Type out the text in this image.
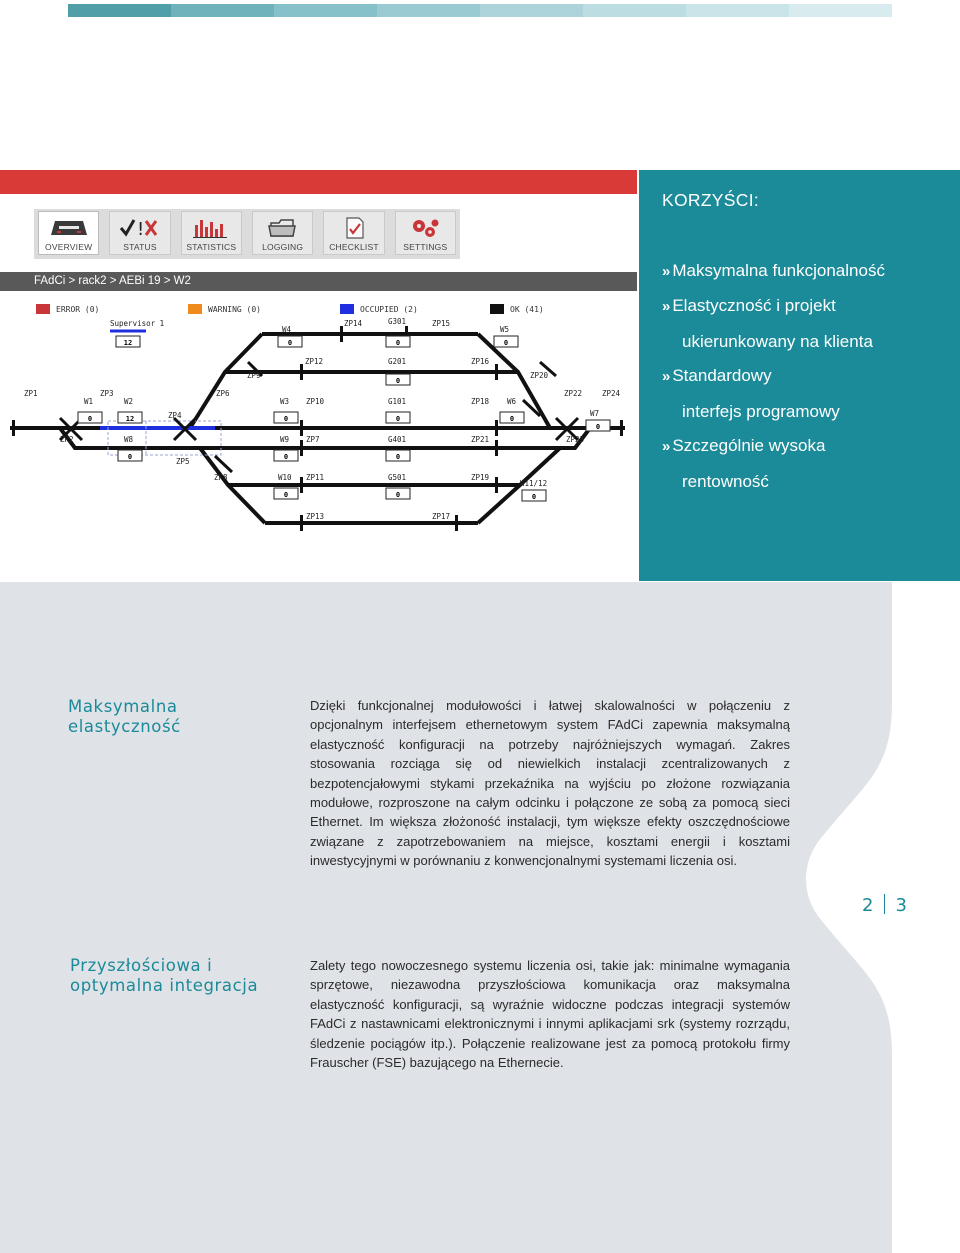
OVERVIEW
!
STATUS	STATISTICS	LOGGING	CHECKLIST	SETTINGS
FAdCi > rack2 > AEBi 19 > W2
ERROR (0)	WARNING (0)	OCCUPIED (2)	OK (41)
W4
ZP14	G301	ZP15
W5
ZP9
ZP12	G201	ZP16
ZP20
ZP1	ZP3	ZP6	ZP22	ZP24
W1	W2
ZP4
W3 ZP10	G101	ZP18 W6
W7
ZP2	W8	W9 ZP7	G401	ZP21	ZP23
ZP5
ZP8	W10 ZP11	G501	ZP19
W11/12
ZP13	ZP17
Supervisor 1
12	0	0	0
0
0	12	0	0	0
0
0	0	0
0	0	0
KORZYŚCI:
» Maksymalna funkcjonalność
» Elastyczność i projekt
ukierunkowany na klienta
» Standardowy
interfejs programowy
» Szczególnie wysoka
rentowność
Maksymalna
elastyczność

Dzięki funkcjonalnej modułowości i łatwej skalowalności w połączeniu z opcjonalnym interfejsem ethernetowym system FAdCi zapewnia maksymalną elastyczność konfiguracji na potrzeby najróżniejszych wymagań. Zakres stosowania rozciąga się od niewielkich instalacji zcentralizowanych z bezpotencjałowymi stykami przekaźnika na wyjściu po złożone rozwiązania modułowe, rozproszone na całym odcinku i połączone ze sobą za pomocą sieci Ethernet. Im większa złożoność instalacji, tym większe efekty oszczędnościowe związane z zapotrzebowaniem na miejsce, kosztami energii i kosztami inwestycyjnymi w porównaniu z konwencjonalnymi systemami liczenia osi.

Przyszłościowa i
optymalna integracja

Zalety tego nowoczesnego systemu liczenia osi, takie jak: minimalne wymagania sprzętowe, niezawodna przyszłościowa komunikacja oraz maksymalna elastyczność konfiguracji, są wyraźnie widoczne podczas integracji systemów FAdCi z nastawnicami elektronicznymi i innymi aplikacjami srk (systemy rozrządu, śledzenie pociągów itp.). Połączenie realizowane jest za pomocą protokołu firmy Frauscher (FSE) bazującego na Ethernecie.

2 3
